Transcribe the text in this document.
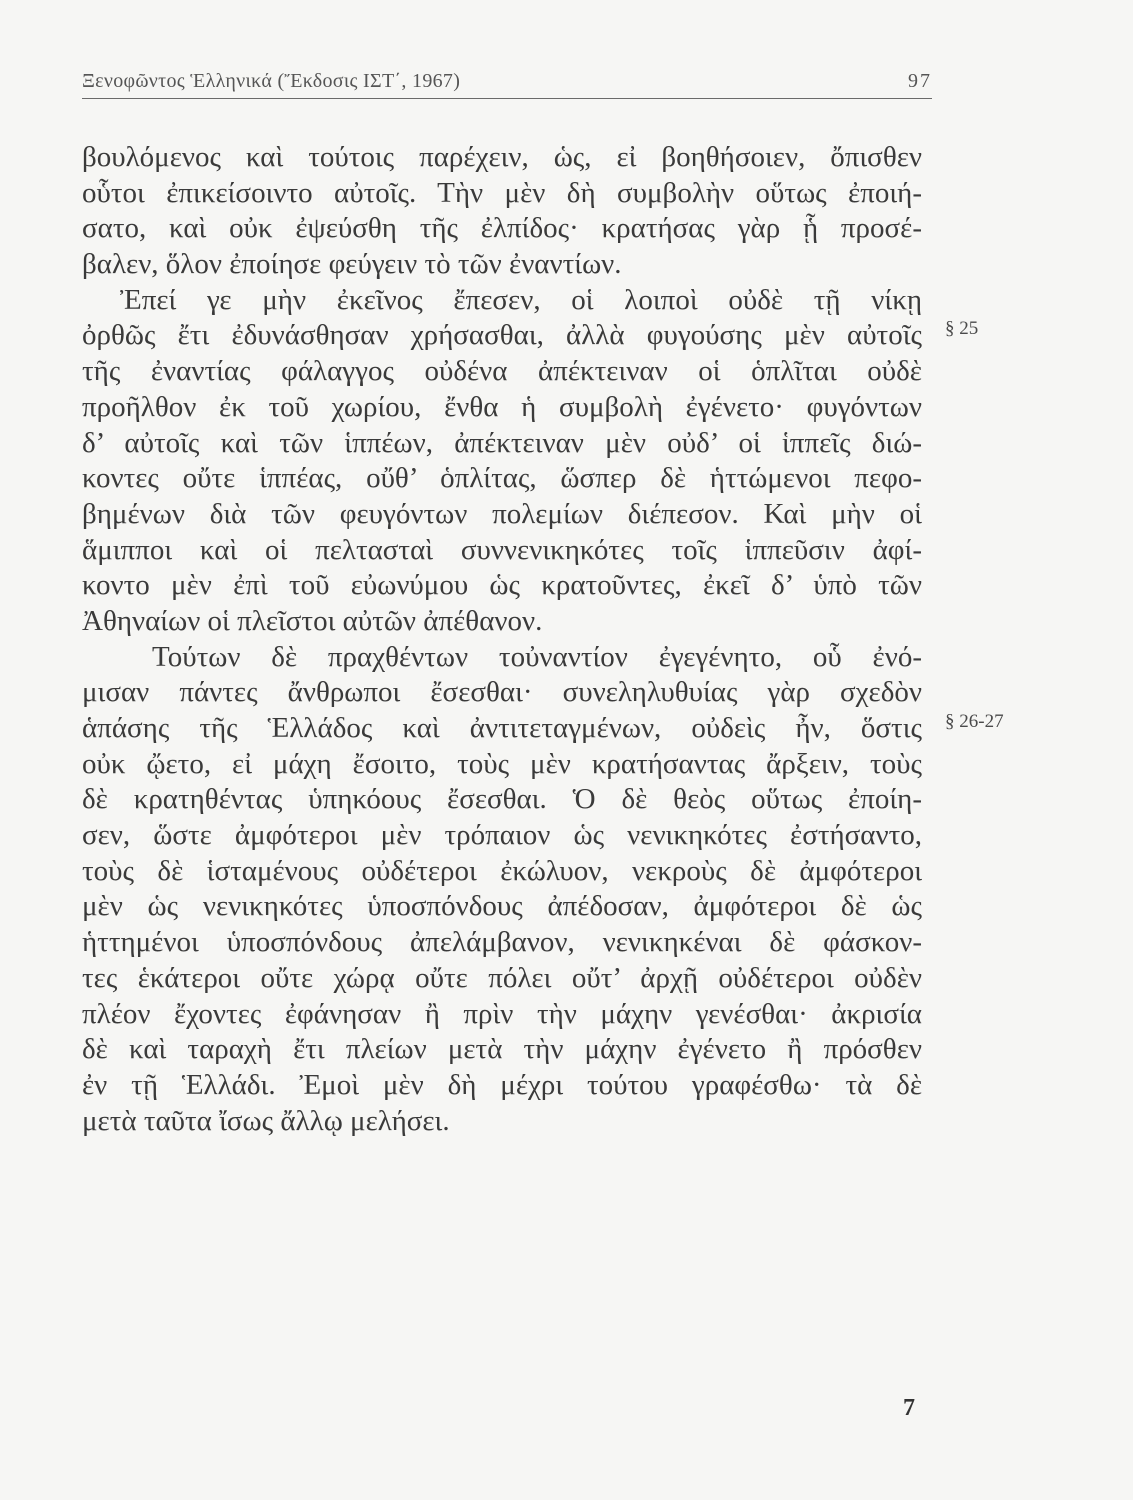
Ξενοφῶντος Ἑλληνικά (Ἔκδοσις ΙΣΤ΄, 1967)	97
βουλόμενος καὶ τούτοις παρέχειν, ὡς, εἰ βοηθήσοιεν, ὄπισθεν
οὗτοι ἐπικείσοιντο αὐτοῖς. Τὴν μὲν δὴ συμβολὴν οὕτως ἐποιή-
σατο, καὶ οὐκ ἐψεύσθη τῆς ἐλπίδος· κρατήσας γὰρ ᾗ προσέ-
βαλεν, ὅλον ἐποίησε φεύγειν τὸ τῶν ἐναντίων.
Ἐπεί γε μὴν ἐκεῖνος ἔπεσεν, οἱ λοιποὶ οὐδὲ τῇ νίκῃ
ὀρθῶς ἔτι ἐδυνάσθησαν χρήσασθαι, ἀλλὰ φυγούσης μὲν αὐτοῖς
τῆς ἐναντίας φάλαγγος οὐδένα ἀπέκτειναν οἱ ὁπλῖται οὐδὲ
προῆλθον ἐκ τοῦ χωρίου, ἔνθα ἡ συμβολὴ ἐγένετο· φυγόντων
δ’ αὐτοῖς καὶ τῶν ἱππέων, ἀπέκτειναν μὲν οὐδ’ οἱ ἱππεῖς διώ-
κοντες οὔτε ἱππέας, οὔθ’ ὁπλίτας, ὥσπερ δὲ ἡττώμενοι πεφο-
βημένων διὰ τῶν φευγόντων πολεμίων διέπεσον. Καὶ μὴν οἱ
ἅμιπποι καὶ οἱ πελτασταὶ συννενικηκότες τοῖς ἱππεῦσιν ἀφί-
κοντο μὲν ἐπὶ τοῦ εὐωνύμου ὡς κρατοῦντες, ἐκεῖ δ’ ὑπὸ τῶν
Ἀθηναίων οἱ πλεῖστοι αὐτῶν ἀπέθανον.
Τούτων δὲ πραχθέντων τοὐναντίον ἐγεγένητο, οὗ ἐνό-
μισαν πάντες ἄνθρωποι ἔσεσθαι· συνεληλυθυίας γὰρ σχεδὸν
ἁπάσης τῆς Ἑλλάδος καὶ ἀντιτεταγμένων, οὐδεὶς ἦν, ὅστις
οὐκ ᾤετο, εἰ μάχη ἔσοιτο, τοὺς μὲν κρατήσαντας ἄρξειν, τοὺς
δὲ κρατηθέντας ὑπηκόους ἔσεσθαι. Ὁ δὲ θεὸς οὕτως ἐποίη-
σεν, ὥστε ἀμφότεροι μὲν τρόπαιον ὡς νενικηκότες ἐστήσαντο,
τοὺς δὲ ἱσταμένους οὐδέτεροι ἐκώλυον, νεκροὺς δὲ ἀμφότεροι
μὲν ὡς νενικηκότες ὑποσπόνδους ἀπέδοσαν, ἀμφότεροι δὲ ὡς
ἡττημένοι ὑποσπόνδους ἀπελάμβανον, νενικηκέναι δὲ φάσκον-
τες ἑκάτεροι οὔτε χώρᾳ οὔτε πόλει οὔτ’ ἀρχῇ οὐδέτεροι οὐδὲν
πλέον ἔχοντες ἐφάνησαν ἢ πρὶν τὴν μάχην γενέσθαι· ἀκρισία
δὲ καὶ ταραχὴ ἔτι πλείων μετὰ τὴν μάχην ἐγένετο ἢ πρόσθεν
ἐν τῇ Ἑλλάδι. Ἐμοὶ μὲν δὴ μέχρι τούτου γραφέσθω· τὰ δὲ
μετὰ ταῦτα ἴσως ἄλλῳ μελήσει.
§ 25
§ 26-27
7
